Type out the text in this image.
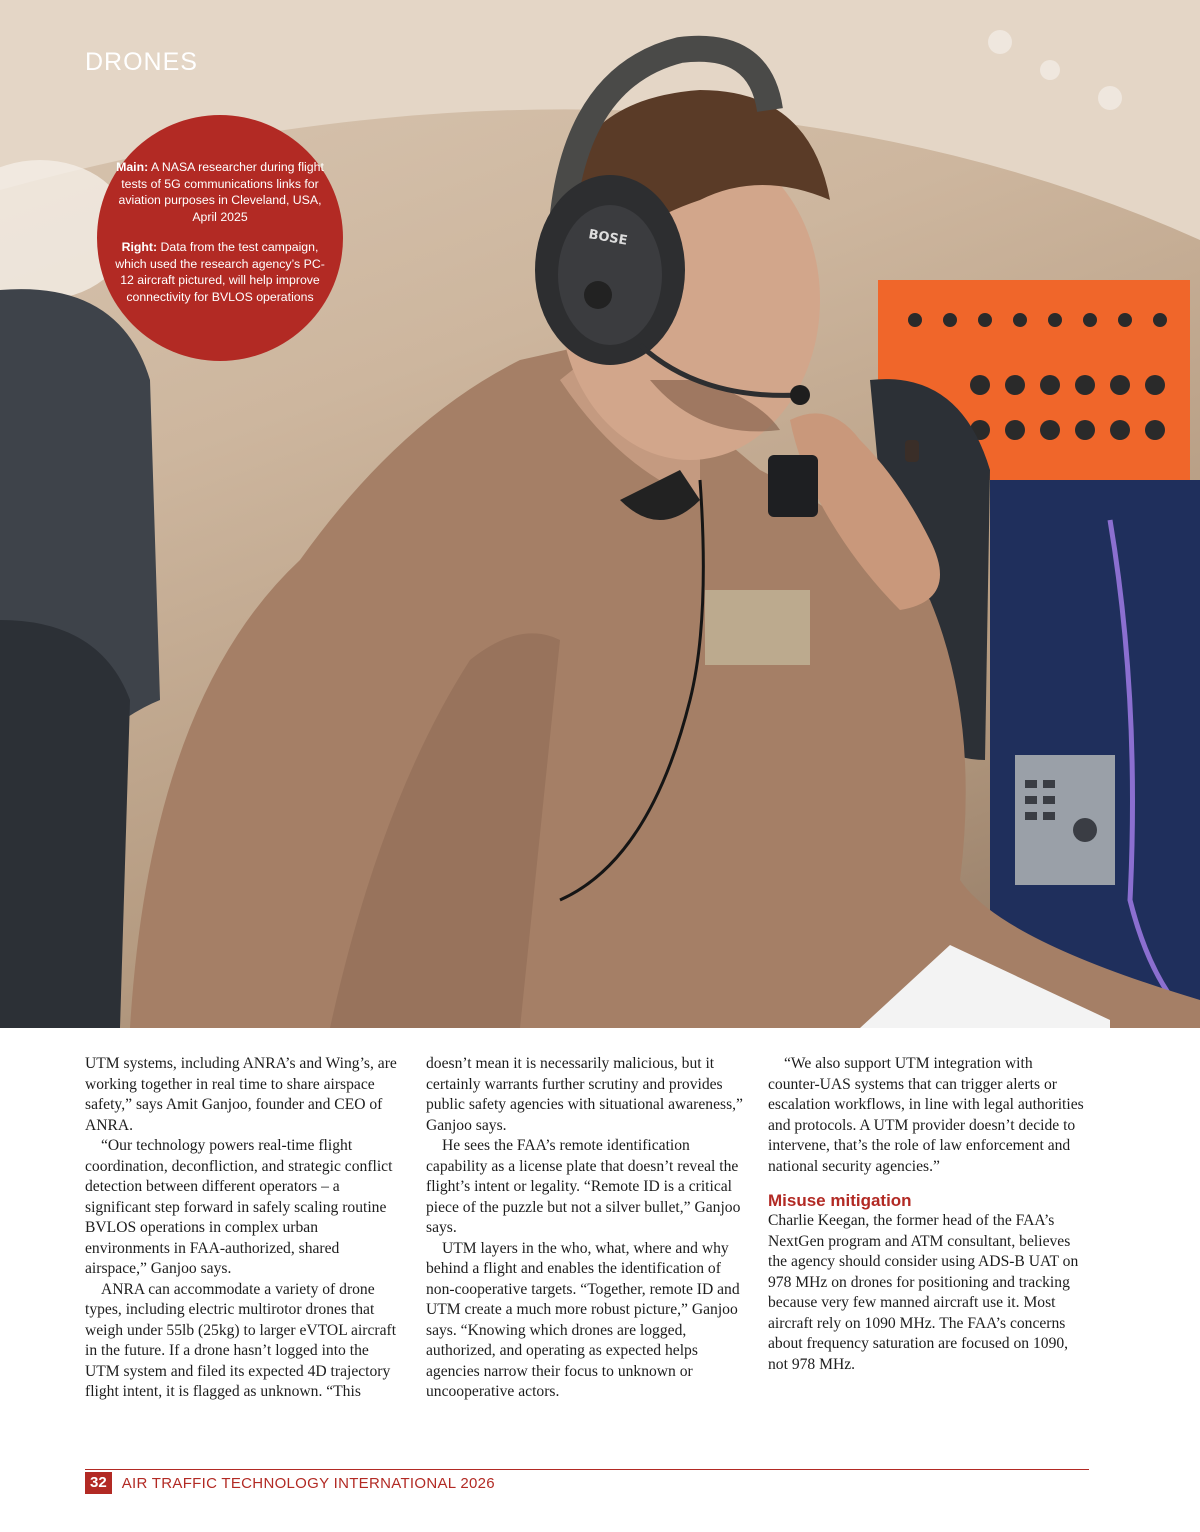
BOSE
DRONES

Main: A NASA researcher during flight tests of 5G communications links for aviation purposes in Cleveland, USA, April 2025

Right: Data from the test campaign, which used the research agency’s PC-12 aircraft pictured, will help improve connectivity for BVLOS operations

UTM systems, including ANRA’s and Wing’s, are working together in real time to share airspace safety,” says Amit Ganjoo, founder and CEO of ANRA.

“Our technology powers real-time flight coordination, deconfliction, and strategic conflict detection between different operators – a significant step forward in safely scaling routine BVLOS operations in complex urban environments in FAA-authorized, shared airspace,” Ganjoo says.

ANRA can accommodate a variety of drone types, including electric multirotor drones that weigh under 55lb (25kg) to larger eVTOL aircraft in the future. If a drone hasn’t logged into the UTM system and filed its expected 4D trajectory flight intent, it is flagged as unknown. “This

doesn’t mean it is necessarily malicious, but it certainly warrants further scrutiny and provides public safety agencies with situational awareness,” Ganjoo says.

He sees the FAA’s remote identification capability as a license plate that doesn’t reveal the flight’s intent or legality. “Remote ID is a critical piece of the puzzle but not a silver bullet,” Ganjoo says.

UTM layers in the who, what, where and why behind a flight and enables the identification of non-cooperative targets. “Together, remote ID and UTM create a much more robust picture,” Ganjoo says. “Knowing which drones are logged, authorized, and operating as expected helps agencies narrow their focus to unknown or uncooperative actors.

“We also support UTM integration with counter-UAS systems that can trigger alerts or escalation workflows, in line with legal authorities and protocols. A UTM provider doesn’t decide to intervene, that’s the role of law enforcement and national security agencies.”

Misuse mitigation

Charlie Keegan, the former head of the FAA’s NextGen program and ATM consultant, believes the agency should consider using ADS-B UAT on 978 MHz on drones for positioning and tracking because very few manned aircraft use it. Most aircraft rely on 1090 MHz. The FAA’s concerns about frequency saturation are focused on 1090, not 978 MHz.

32	AIR TRAFFIC TECHNOLOGY INTERNATIONAL 2026
